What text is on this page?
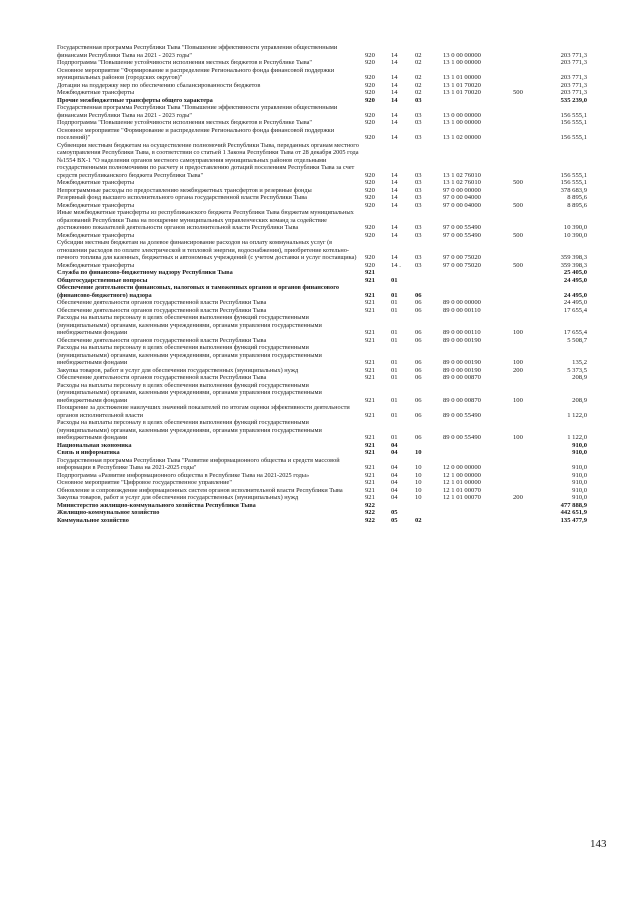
Государственная программа Республики Тыва "Повышение эффективности управления общественными финансами Республики Тыва на 2021 - 2023 годы"	920	14	02	13 0 00 00000	203 771,3
Подпрограмма "Повышение устойчивости исполнения местных бюджетов в Республике Тыва"	920	14	02	13 1 00 00000	203 771,3
Основное мероприятие "Формирование и распределение Регионального фонда финансовой поддержки муниципальных районов (городских округов)"	920	14	02	13 1 01 00000	203 771,3
Дотации на поддержку мер по обеспечению сбалансированности бюджетов	920	14	02	13 1 01 70020	203 771,3
Межбюджетные трансферты	920	14	02	13 1 01 70020	500	203 771,3
Прочие межбюджетные трансферты общего характера	920	14	03	535 239,0
Государственная программа Республики Тыва "Повышение эффективности управления общественными финансами Республики Тыва на 2021 - 2023 годы"	920	14	03	13 0 00 00000	156 555,1
Подпрограмма "Повышение устойчивости исполнения местных бюджетов в Республике Тыва"	920	14	03	13 1 00 00000	156 555,1
Основное мероприятие "Формирование и распределение Регионального фонда финансовой поддержки поселений)"	920	14	03	13 1 02 00000	156 555,1
Субвенции местным бюджетам на осуществление полномочий Республики Тыва, переданных органам местного самоуправления Республики Тыва, в соответствии со статьей 1 Закона Республики Тыва от 28 декабря 2005 года №1554 ВХ-1 "О наделении органов местного самоуправления муниципальных районов отдельными государственными полномочиями по расчету и предоставлению дотаций поселениям Республики Тыва за счет средств республиканского бюджета Республики Тыва"	920	14	03	13 1 02 76010	156 555,1
Межбюджетные трансферты	920	14	03	13 1 02 76010	500	156 555,1
Непрограммные расходы по предоставлению межбюджетных трансфертов и резервные фонды	920	14	03	97 0 00 00000	378 683,9
Резервный фонд высшего исполнительного органа государственной власти Республики Тыва	920	14	03	97 0 00 04000	8 895,6
Межбюджетные трансферты	920	14	03	97 0 00 04000	500	8 895,6
Иные межбюджетные трансферты из республиканского бюджета Республики Тыва бюджетам муниципальных образований Республики Тыва на поощрение муниципальных управленческих команд за содействие достижению показателей деятельности органов исполнительной власти Республики Тыва	920	14	03	97 0 00 55490	10 390,0
Межбюджетные трансферты	920	14	03	97 0 00 55490	500	10 390,0
Субсидии местным бюджетам на долевое финансирование расходов на оплату коммунальных услуг (в отношении расходов по оплате электрической и тепловой энергии, водоснабжения), приобретение котельно-печного топлива для казенных, бюджетных и автономных учреждений (с учетом доставки и услуг поставщика)	920	14	03	97 0 00 75020	359 398,3
Межбюджетные трансферты	920	14 .	03	97 0 00 75020	500	359 398,3
Служба по финансово-бюджетному надзору Республики Тыва	921	25 405,0
Общегосударственные вопросы	921	01	24 495,0
Обеспечение деятельности финансовых, налоговых и таможенных органов и органов финансового (финансово-бюджетного) надзора	921	01	06	24 495,0
Обеспечение деятельности органов государственной власти Республики Тыва	921	01	06	89 0 00 00000	24 495,0
Обеспечение деятельности органов государственной власти Республики Тыва	921	01	06	89 0 00 00110	17 655,4
Расходы на выплаты персоналу в целях обеспечения выполнения функций государственными (муниципальными) органами, казенными учреждениями, органами управления государственными внебюджетными фондами	921	01	06	89 0 00 00110	100	17 655,4
Обеспечение деятельности органов государственной власти Республики Тыва	921	01	06	89 0 00 00190	5 508,7
Расходы на выплаты персоналу в целях обеспечения выполнения функций государственными (муниципальными) органами, казенными учреждениями, органами управления государственными внебюджетными фондами	921	01	06	89 0 00 00190	100	135,2
Закупка товаров, работ и услуг для обеспечения государственных (муниципальных) нужд	921	01	06	89 0 00 00190	200	5 373,5
Обеспечение деятельности органов государственной власти Республики Тыва	921	01	06	89 0 00 00870	208,9
Расходы на выплаты персоналу в целях обеспечения выполнения функций государственными (муниципальными) органами, казенными учреждениями, органами управления государственными внебюджетными фондами	921	01	06	89 0 00 00870	100	208,9
Поощрение за достижение наилучших значений показателей по итогам оценки эффективности деятельности органов исполнительной власти	921	01	06	89 0 00 55490	1 122,0
Расходы на выплаты персоналу в целях обеспечения выполнения функций государственными (муниципальными) органами, казенными учреждениями, органами управления государственными внебюджетными фондами	921	01	06	89 0 00 55490	100	1 122,0
Национальная экономика	921	04	910,0
Связь и информатика	921	04	10	910,0
Государственная программа Республики Тыва "Развитие информационного общества и средств массовой информации в Республике Тыва на 2021-2025 годы"	921	04	10	12 0 00 00000	910,0
Подпрограмма «Развитие информационного общества в Республике Тыва на 2021-2025 годы»	921	04	10	12 1 00 00000	910,0
Основное мероприятие "Цифровое государственное управление"	921	04	10	12 1 01 00000	910,0
Обновление и сопровождение информационных систем органов исполнительной власти Республики Тыва	921	04	10	12 1 01 00070	910,0
Закупка товаров, работ и услуг для обеспечения государственных (муниципальных) нужд	921	04	10	12 1 01 00070	200	910,0
Министерство жилищно-коммунального хозяйства Республики Тыва	922	477 888,9
Жилищно-коммунальное хозяйство	922	05	442 651,9
Коммунальное хозяйство	922	05	02	135 477,9
143
